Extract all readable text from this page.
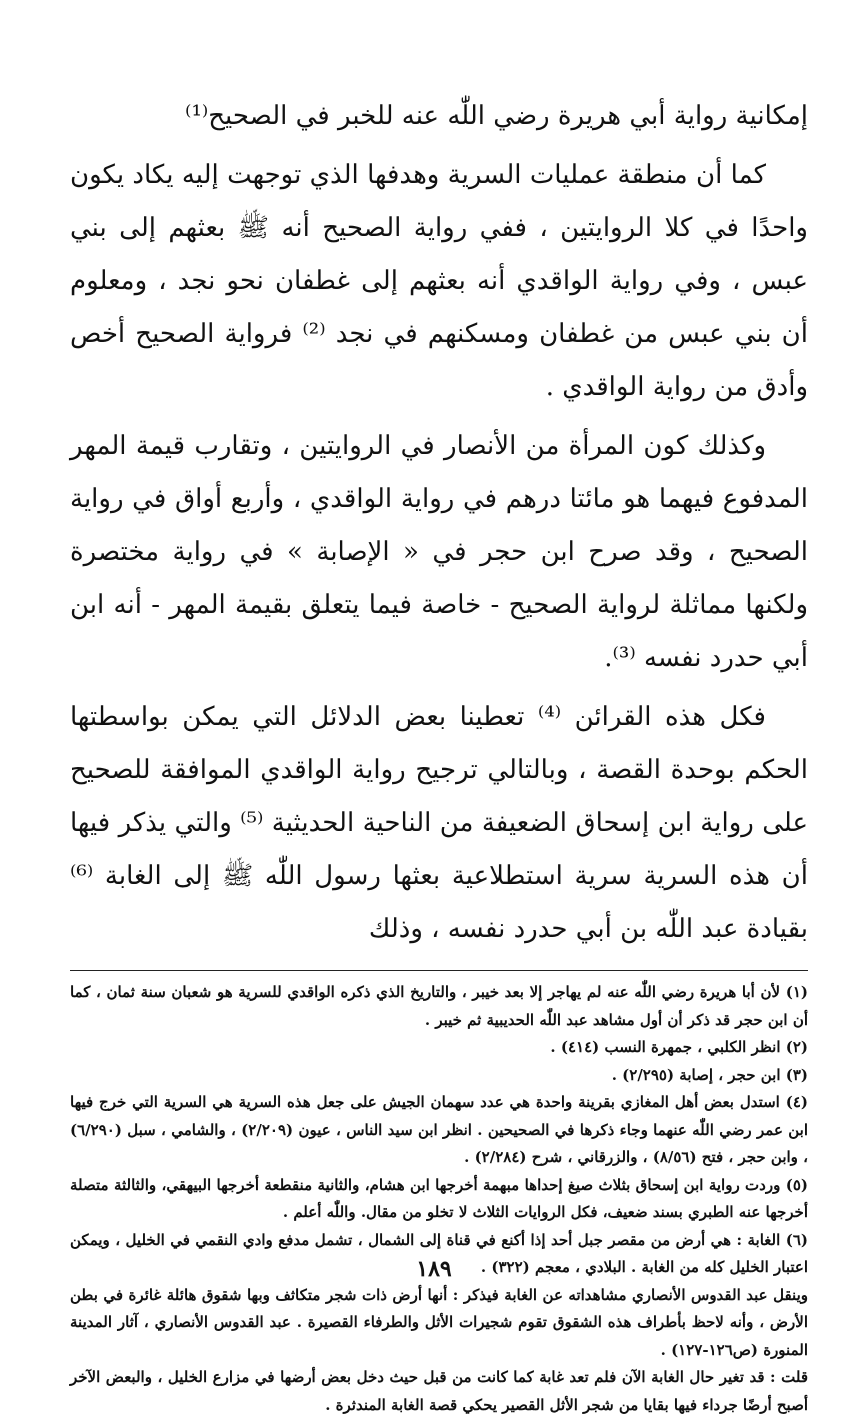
إمكانية رواية أبي هريرة رضي اللّٰه عنه للخبر في الصحيح⁽¹⁾

كما أن منطقة عمليات السرية وهدفها الذي توجهت إليه يكاد يكون واحدًا في كلا الروايتين ، ففي رواية الصحيح أنه ﷺ بعثهم إلى بني عبس ، وفي رواية الواقدي أنه بعثهم إلى غطفان نحو نجد ، ومعلوم أن بني عبس من غطفان ومسكنهم في نجد ⁽²⁾ فرواية الصحيح أخص وأدق من رواية الواقدي .

وكذلك كون المرأة من الأنصار في الروايتين ، وتقارب قيمة المهر المدفوع فيهما هو مائتا درهم في رواية الواقدي ، وأربع أواق في رواية الصحيح ، وقد صرح ابن حجر في « الإصابة » في رواية مختصرة ولكنها مماثلة لرواية الصحيح - خاصة فيما يتعلق بقيمة المهر - أنه ابن أبي حدرد نفسه ⁽³⁾.

فكل هذه القرائن ⁽⁴⁾ تعطينا بعض الدلائل التي يمكن بواسطتها الحكم بوحدة القصة ، وبالتالي ترجيح رواية الواقدي الموافقة للصحيح على رواية ابن إسحاق الضعيفة من الناحية الحديثية ⁽⁵⁾ والتي يذكر فيها أن هذه السرية سرية استطلاعية بعثها رسول اللّٰه ﷺ إلى الغابة ⁽⁶⁾ بقيادة عبد اللّٰه بن أبي حدرد نفسه ، وذلك

(١) لأن أبا هريرة رضي اللّٰه عنه لم يهاجر إلا بعد خيبر ، والتاريخ الذي ذكره الواقدي للسرية هو شعبان سنة ثمان ، كما أن ابن حجر قد ذكر أن أول مشاهد عبد اللّٰه الحديبية ثم خيبر .

(٢) انظر الكلبي ، جمهرة النسب (٤١٤) .

(٣) ابن حجر ، إصابة (٢/٢٩٥) .

(٤) استدل بعض أهل المغازي بقرينة واحدة هي عدد سهمان الجيش على جعل هذه السرية هي السرية التي خرج فيها ابن عمر رضي اللّٰه عنهما وجاء ذكرها في الصحيحين . انظر ابن سيد الناس ، عيون (٢/٢٠٩) ، والشامي ، سبل (٦/٢٩٠) ، وابن حجر ، فتح (٨/٥٦) ، والزرقاني ، شرح (٢/٢٨٤) .

(٥) وردت رواية ابن إسحاق بثلاث صيغ إحداها مبهمة أخرجها ابن هشام، والثانية منقطعة أخرجها البيهقي، والثالثة متصلة أخرجها عنه الطبري بسند ضعيف، فكل الروايات الثلاث لا تخلو من مقال. واللّٰه أعلم .

(٦) الغابة : هي أرض من مقصر جبل أحد إذا أكنع في قناة إلى الشمال ، تشمل مدفع وادي النقمي في الخليل ، ويمكن اعتبار الخليل كله من الغابة . البلادي ، معجم (٣٢٢) .

وينقل عبد القدوس الأنصاري مشاهداته عن الغابة فيذكر : أنها أرض ذات شجر متكاثف وبها شقوق هائلة غائرة في بطن الأرض ، وأنه لاحظ بأطراف هذه الشقوق تقوم شجيرات الأثل والطرفاء القصيرة . عبد القدوس الأنصاري ، آثار المدينة المنورة (ص١٢٦-١٢٧) .

قلت : قد تغير حال الغابة الآن فلم تعد غابة كما كانت من قبل حيث دخل بعض أرضها في مزارع الخليل ، والبعض الآخر أصبح أرضًا جرداء فيها بقايا من شجر الأثل القصير يحكي قصة الغابة المندثرة .

١٨٩
